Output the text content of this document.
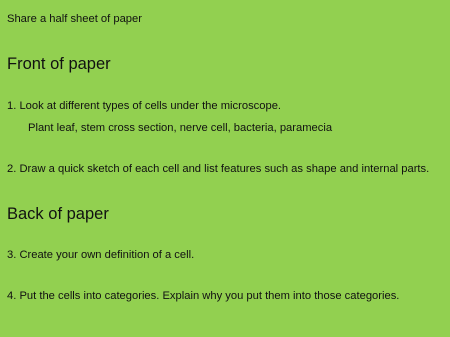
Share a half sheet of paper
Front of paper
1. Look at different types of cells under the microscope.
Plant leaf, stem cross section, nerve cell, bacteria, paramecia
2. Draw a quick sketch of each cell and list features such as shape and internal parts.
Back of paper
3. Create your own definition of a cell.
4. Put the cells into categories. Explain why you put them into those categories.
